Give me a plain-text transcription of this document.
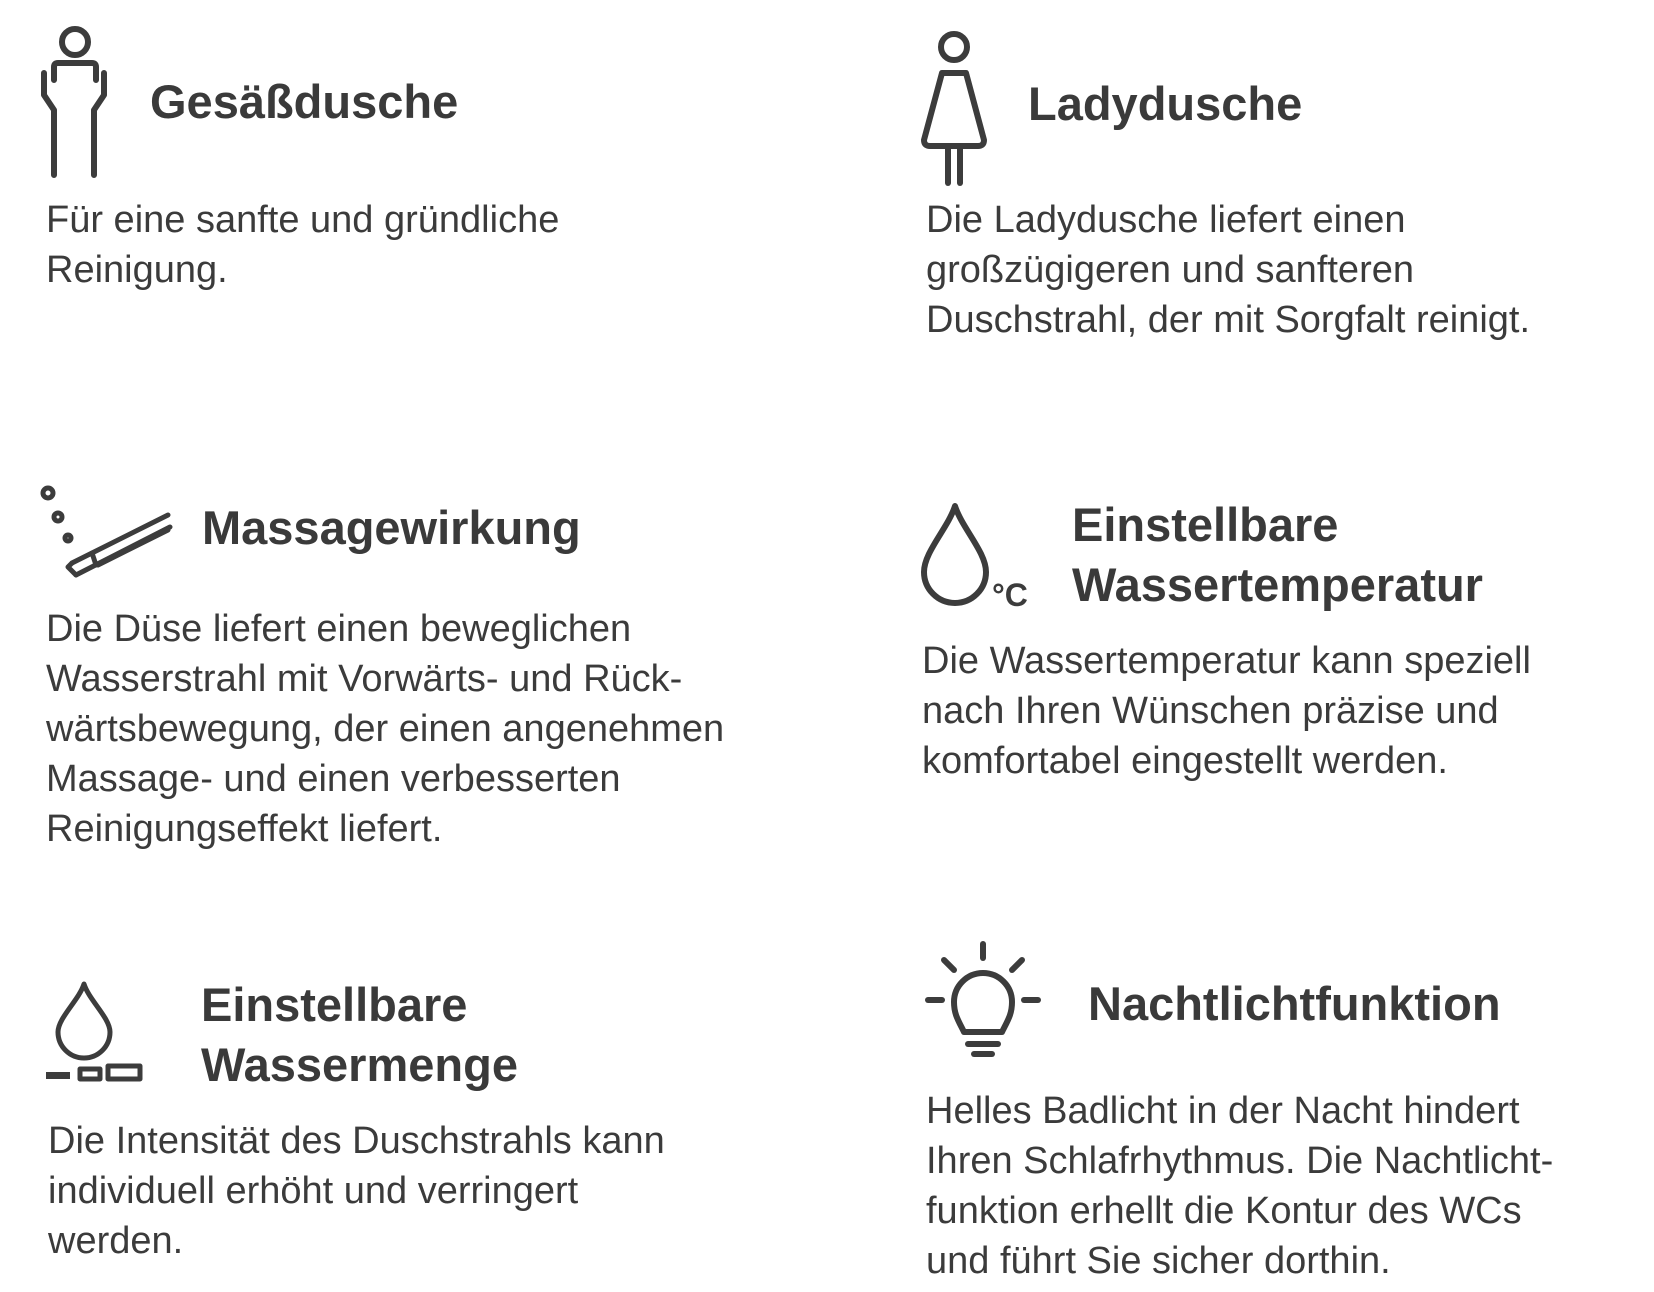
Gesäßdusche

Für eine sanfte und gründliche
Reinigung.

Ladydusche

Die Ladydusche liefert einen
großzügigeren und sanfteren
Duschstrahl, der mit Sorgfalt reinigt.

Massagewirkung

Die Düse liefert einen beweglichen
Wasserstrahl mit Vorwärts- und Rück-
wärtsbewegung, der einen angenehmen
Massage- und einen verbesserten
Reinigungseffekt liefert.

°C
Einstellbare
Wassertemperatur

Die Wassertemperatur kann speziell
nach Ihren Wünschen präzise und
komfortabel eingestellt werden.

Einstellbare
Wassermenge

Die Intensität des Duschstrahls kann
individuell erhöht und verringert
werden.

Nachtlichtfunktion

Helles Badlicht in der Nacht hindert
Ihren Schlafrhythmus. Die Nachtlicht-
funktion erhellt die Kontur des WCs
und führt Sie sicher dorthin.
